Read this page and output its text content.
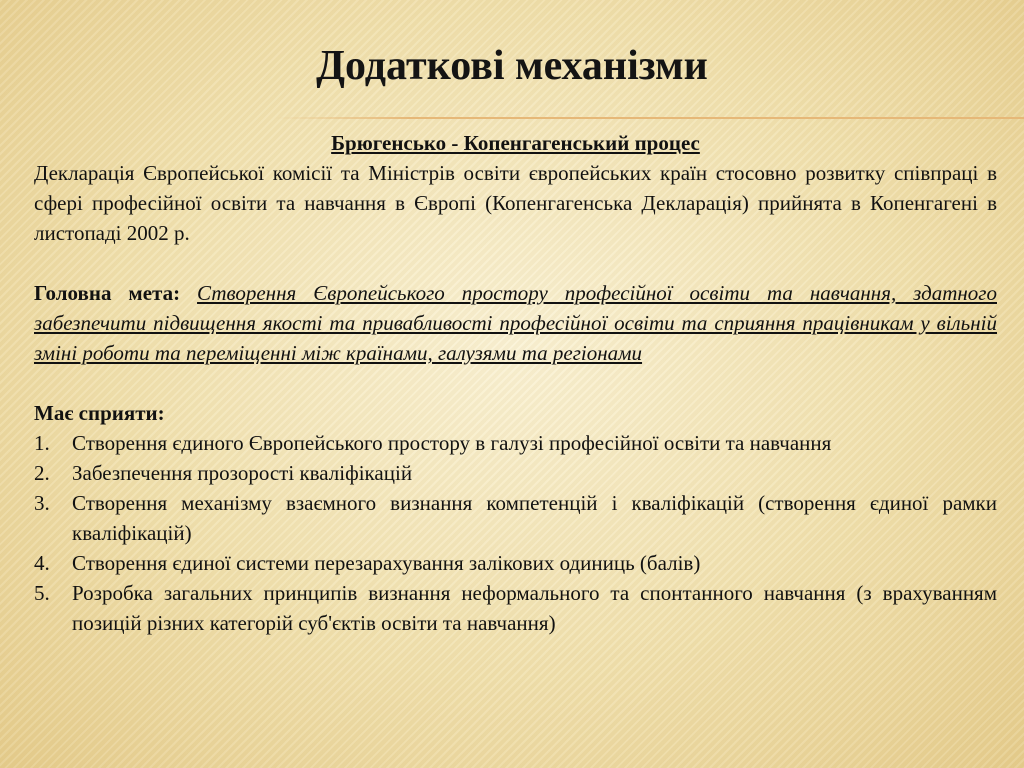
Додаткові механізми

Брюгенсько - Копенгагенський процес

Декларація Європейської комісії та Міністрів освіти європейських країн стосовно розвитку співпраці в сфері професійної освіти та навчання в Європі (Копенгагенська Декларація) прийнята в Копенгагені в листопаді 2002 р.

Головна мета: Створення Європейського простору професійної освіти та навчання, здатного забезпечити підвищення якості та привабливості професійної освіти та сприяння працівникам у вільній зміні роботи та переміщенні між країнами, галузями та регіонами

Має сприяти:

1.	Створення єдиного Європейського простору в галузі професійної освіти та навчання
2.	Забезпечення прозорості кваліфікацій
3.	Створення механізму взаємного визнання компетенцій і кваліфікацій (створення єдиної рамки кваліфікацій)
4.	Створення єдиної системи перезарахування залікових одиниць (балів)
5.	Розробка загальних принципів визнання неформального та спонтанного навчання (з врахуванням позицій різних категорій суб'єктів освіти та навчання)
